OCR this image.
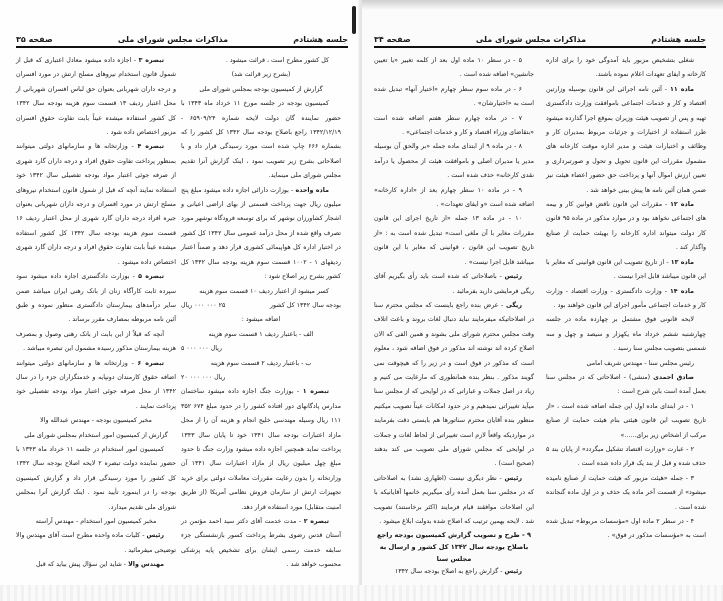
جلسه هشتادم
مذاکرات مجلس شورای ملی
صفحه ۳۵

کل کشور مطرح است ، قرائت میشود .

(بشرح زیر قرائت شد)

گزارش از کمیسیون بودجه بمجلس شورای ملی

کمیسیون بودجه در جلسه مورخ ۱۱ خرداد ماه ۱۳۴۳ با حضور نماینده گان دولت لایحه شماره ۶۵۹۰۹/۲۴ - ۱۳۴۲/۱۲/۱۹ راجع باصلاح بودجه سال ۱۳۴۲ کل کشور را که بشماره ۶۶۶ چاپ شده است مورد رسیدگی قرار داد و با اصلاحاتی بشرح زیر تصویب نمود ، اینک گزارش آنرا تقدیم مجلس شورای ملی مینماید.

ماده واحده - بوزارت دارائی اجازه داده میشود مبلغ پنج میلیون ریال جهت پرداخت قسمتی از بهای اراضی اعیانی و اشجار کشاورزان نوشهر که برای توسعه فرودگاه نوشهر مورد تصرف واقع شده از محل درآمد عمومی سال ۱۳۴۲ کل کشور در اختیار اداره کل هواپیمائی کشوری قرار دهد و ضمناً اعتبار ردیفهای ۱ - ۱۰۰۲ قسمت سوم هزینه بودجه سال ۱۳۴۲ کل کشور بشرح زیر اصلاح شود :

کسر میشود از اعتبار ردیف ۱۰ قسمت سوم هزینه

بودجه سال ۱۳۴۲ کل کشور
۲۵ ۰۰۰ ۰۰۰ ریال

اضافه میشود :

الف - باعتبار ردیف ۱ قسمت سوم هزینه

۵ ۰۰۰ ۰۰۰ ریال

ب - باعتبار ردیف ۲ قسمت سوم هزینه

۲۰ ۰۰۰ ۰۰۰ ریال

تبصره ۱ - بوزارت جنگ اجازه داده میشود ساختمان مدارس پادگانهای دور افتاده کشور را در حدود مبلغ ۶۷۴ ۳۵۲ ۱۱۱ ریال وسیله مهندسی خلیج انجام و هزینه آن را از محل مازاد اعتبارات بودجه سال ۱۳۴۱ خود تا پایان سال ۱۳۴۳ پرداخت نماید همچنین اجازه داده میشود وزارت جنگ تا حدود مبلغ چهل میلیون ریال از مازاد اعتبارات سال ۱۳۴۱ آن وزارتخانه را بدون رعایت مقررات معاملات دولتی برای خرید تجهیزات ارتش از سازمان فروش نظامی آمریکا (از طریق امنیت متقابل) مورد استفاده قرار دهد.

تبصره ۲ - مدت خدمت آقای دکتر سید احمد مؤتمن در آستان قدس رضوی بشرط پرداخت کسور بازنشستگی جزء سابقه خدمت رسمی ایشان برای تشخیص پایه پزشکی محسوب خواهد شد .

تبصره ۳ - اجازه داده میشود معادل اعتباری که قبل از شمول قانون استخدام نیروهای مسلح ارتش در مورد افسران و درجه داران شهربانی بعنوان حق لباس افسران شهربانی از محل اعتبار ردیف ۱۳ قسمت سوم هزینه بودجه سال ۱۳۴۲ کل کشور استفاده میشده عیناً بابت تفاوت حقوق افسران مزبور اختصاص داده شود .

تبصره ۴ - وزارتخانه ها و سازمانهای دولتی میتوانند بمنظور پرداخت تفاوت حقوق افراد و درجه داران گارد شهری از صرفه جوئی اعتبار مواد بودجه تفصیلی سال ۱۳۴۲ خود استفاده نمایند آنچه که قبل از شمول قانون استخدام نیروهای مسلح ارتش در مورد افسران و درجه داران شهربانی بعنوان جیره افراد درجه داران گارد شهری از محل اعتبار ردیف ۱۶ قسمت سوم هزینه بودجه سال ۱۳۴۲ کل کشور استفاده میشده عیناً بابت تفاوت حقوق افراد و درجه داران گارد شهری اختصاص داده میشود .

تبصره ۵ - بوزارت دادگستری اجازه داده میشود سود سپرده ثابت کارآگاه زنان از بانک رهنی ایران میباشد ضمن سایر درآمدهای بیمارستان دادگستری منظور نموده و طبق آئین نامه مربوطه بمصارف مقرر برساند .

آنچه که قبلاً از این بابت از بانک رهنی وصول و بمصرف هزینه بیمارستان مذکور رسیده مشمول این تبصره میباشد .

تبصره ۶ - وزارتخانه ها و سازمانهای دولتی میتوانند اضافه حقوق کارمندان دونپایه و خدمتگزاران جزء را در سال ۱۳۴۲ از محل صرفه جوئی اعتبار مواد بودجه تفصیلی خود پرداخت نمایند .

مخبر کمیسیون بودجه - مهندس عبدالله والا

گزارش از کمیسیون امور استخدام بمجلس شورای ملی

کمیسیون امور استخدام در جلسه ۱۱ خرداد ماه ۱۳۴۳ با حضور نماینده دولت تبصره ۲ لایحه اصلاح بودجه سال ۱۳۴۲ کل کشور را مورد رسیدگی قرار داد و گزارش کمیسیون بودجه را در اینمورد تأیید نمود . اینک گزارش آنرا بمجلس شورای ملی تقدیم میدارد.

مخبر کمیسیون امور استخدام - مهندس آراسته

رئیس - کلیات ماده واحده مطرح است آقای مهندس والا توضیحی میفرمائید .

مهندس والا - شاید این سؤال پیش بیاید که قبل

جلسه هشتادم
مذاکرات مجلس شورای ملی
صفحه ۳۴

شغلی بتشخیص مزبور باید آمدوگی خود را برای اداره کارخانه و ایفای تعهدات اعلام نموده باشند.

ماده ۱۱ - آئین نامه اجرائی این قانون بوسیله وزارتین اقتصاد و کار و خدمات اجتماعی باموافقت وزارت دادگستری تهیه و پس از تصویب هیئت وزیران بموقع اجرا گذارده میشود طرز استفاده از اختیارات و جزئیات مربوط بمدیران کار و وظائف و اختیارات هیئت و مدیر اداره موقت کارخانه های مشمول مقررات این قانون تحویل و تحول و صورتبرداری و تعیین ارزش اموال آنها و پرداخت حق حضور اعضاء هیئت نیز ضمن همان آئین نامه ها پیش بینی خواهد شد .

ماده ۱۲ - مقررات این قانون ناقض قوانین کار و بیمه های اجتماعی نخواهد بود و در موارد مذکور در ماده ۹۵ قانون کار دولت میتواند اداره کارخانه را بهیئت حمایت از صنایع واگذار کند .

ماده ۱۳ - از تاریخ تصویب این قانون قوانینی که مغایر با این قانون میباشد قابل اجرا نیست .

ماده ۱۴ - وزارت دادگستری - وزارت اقتصاد - وزارت کار و خدمات اجتماعی مأمور اجرای این قانون خواهند بود .

لایحه قانونی فوق مشتمل بر چهارده ماده در جلسه چهارشنبه ششم خرداد ماه یکهزار و سیصد و چهل و سه شمسی بتصویب مجلس سنا رسید .

رئیس مجلس سنا - مهندس شریف امامی

صادق احمدی (منشی) - اصلاحاتی که در مجلس سنا بعمل آمده است باین شرح است :

۱ - در ابتدای ماده اول این جمله اضافه شده است ، «از تاریخ تصویب این قانون هیئتی بنام هیئت حمایت از صنایع مرکب از اشخاص زیر برای......»

۲ - عبارت «وزارت اقتصاد تشکیل میگردد» از پایان بند ۵ حذف شده و قبل از بند یک قرار داده شده است .

۳ - جمله «هیئت مزبور که هیئت حمایت از صنایع نامیده میشود» از قسمت آخر ماده یک حذف و در اول ماده گنجانده شده است .

۴ - در سطر ۲ ماده اول «مؤسسات مربوط» تبدیل شده است به «مؤسسات مذکور در فوق» .

۵ - در سطر ۱۰ ماده اول بعد از کلمه تغییر «یا تعیین جانشین» اضافه شده است .

۶ - در ماده سوم سطر چهارم «اختیار آنها» تبدیل شده است به «اختیارشان» .

۷ - در ماده چهارم سطر هفتم اضافه شده است «بتقاضای وزراء اقتصاد و کار و خدمات اجتماعی» .

۸ - در ماده ۹ از ابتدای ماده جمله «بر والحق آن بوسیله مدیر یا مدیران اصلی و باموافقت هیئت از محصول یا درآمد نقدی کارخانه» حذف شده است .

۹ - در ماده ۱۰ سطر چهارم بعد از «اداره کارخانه» اضافه شده است «و ایفای تعهدات» .

۱۰ - در ماده ۱۳ جمله «از تاریخ اجرای این قانون مقررات مغایر با آن ملغی است» تبدیل شده است به : «از تاریخ تصویب این قانون ، قوانینی که مغایر با این قانون میباشد قابل اجرا نیست» .

رئیس - باصلاحاتی که شده است باید رأی بگیریم آقای ریگی فرمایشی دارید بفرمائید .

ریگی - عرض بنده راجع باینست که مجلس محترم سنا در اصلاحاتیکه میفرمایند نباید دنبال لغات بروند و باعث اتلاف وقت مجلس محترم شورای ملی بشوند و همین الفی که الان اصلاح کرده اند نوشته اند مذکور در فوق اضافه شود ، معلوم است که مذکور در فوق است و در زیر را که هیچوقت نمی گویند مذکور . بنظر بنده همانطوری که مارعایت می کنیم و زیاد در اصل جملات و عباراتی که در لوایحی که از مجلس سنا میآید تغییراتی نمیدهیم و در حدود امکانات عیناً تصویب میکنیم منظور بنده آقایان محترم سناتورها هم بایستی دقت بفرمایند در مواردیکه واقعاً لازم است تغییراتی از لحاظ لغات و جملات در لوایحی که مجلس شورای ملی تصویب می کند بدهند (صحیح است) .

رئیس - نظر دیگری نیست (اظهاری نشد) به اصلاحاتی که در مجلس سنا بعمل آمده رأی میگیریم خانمها آقایانیکه با این اصلاحات موافقند قیام فرمایند (اکثر برخاستند) تصویب شد . لایحه بهمین ترتیب که اصلاح شده بدولت ابلاغ میشود .

۹ - طرح و تصویب گزارش کمیسیون بودجه راجع باصلاح بودجه سال ۱۳۴۲ کل کشور و ارسال به مجلس سنا

رئیس - گزارش راجع به اصلاح بودجه سال ۱۳۴۲
